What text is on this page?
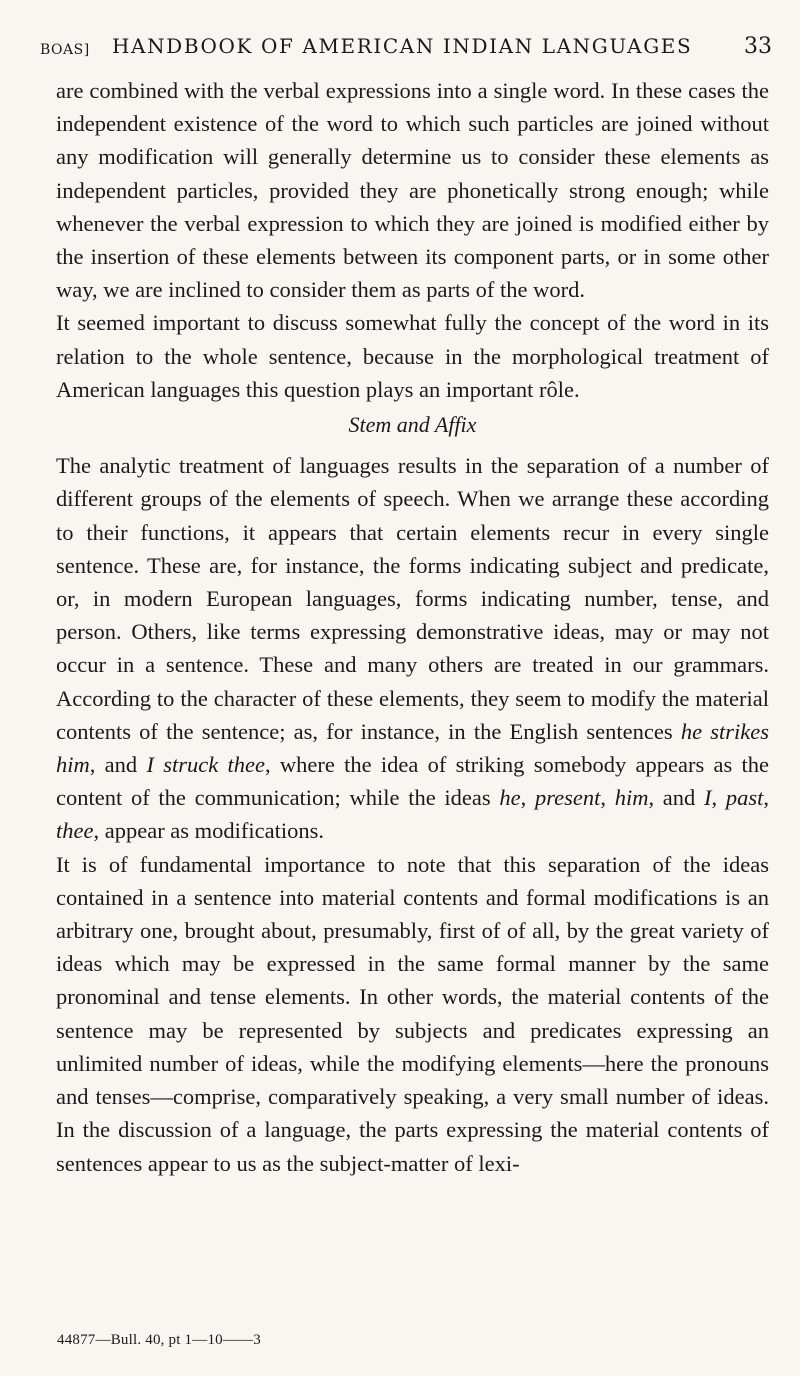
BOAS] HANDBOOK OF AMERICAN INDIAN LANGUAGES 33

are combined with the verbal expressions into a single word. In these cases the independent existence of the word to which such particles are joined without any modification will generally determine us to consider these elements as independent particles, provided they are phonetically strong enough; while whenever the verbal expression to which they are joined is modified either by the insertion of these elements between its component parts, or in some other way, we are inclined to consider them as parts of the word.

It seemed important to discuss somewhat fully the concept of the word in its relation to the whole sentence, because in the morphological treatment of American languages this question plays an important rôle.

Stem and Affix

The analytic treatment of languages results in the separation of a number of different groups of the elements of speech. When we arrange these according to their functions, it appears that certain elements recur in every single sentence. These are, for instance, the forms indicating subject and predicate, or, in modern European languages, forms indicating number, tense, and person. Others, like terms expressing demonstrative ideas, may or may not occur in a sentence. These and many others are treated in our grammars. According to the character of these elements, they seem to modify the material contents of the sentence; as, for instance, in the English sentences he strikes him, and I struck thee, where the idea of striking somebody appears as the content of the communication; while the ideas he, present, him, and I, past, thee, appear as modifications.

It is of fundamental importance to note that this separation of the ideas contained in a sentence into material contents and formal modifications is an arbitrary one, brought about, presumably, first of of all, by the great variety of ideas which may be expressed in the same formal manner by the same pronominal and tense elements. In other words, the material contents of the sentence may be represented by subjects and predicates expressing an unlimited number of ideas, while the modifying elements—here the pronouns and tenses—comprise, comparatively speaking, a very small number of ideas. In the discussion of a language, the parts expressing the material contents of sentences appear to us as the subject-matter of lexi-

44877—Bull. 40, pt 1—10——3
